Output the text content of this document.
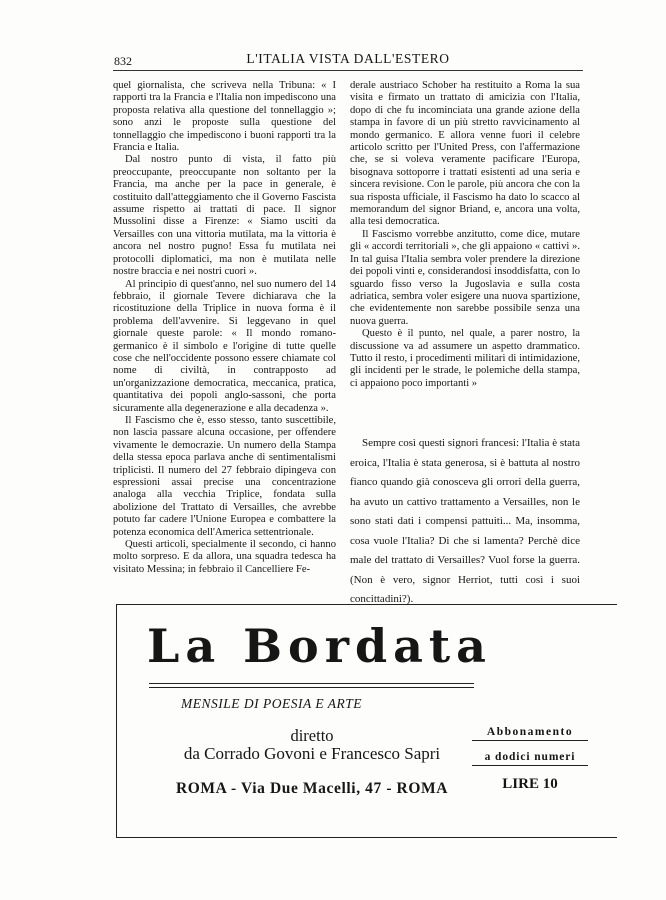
832	L'ITALIA VISTA DALL'ESTERO

quel giornalista, che scriveva nella Tribuna: « I rapporti tra la Francia e l'Italia non impediscono una proposta relativa alla questione del tonnellaggio »; sono anzi le proposte sulla questione del tonnellaggio che impediscono i buoni rapporti tra la Francia e Italia.

Dal nostro punto di vista, il fatto più preoccupante, preoccupante non soltanto per la Francia, ma anche per la pace in generale, è costituito dall'atteggiamento che il Governo Fascista assume rispetto ai trattati di pace. Il signor Mussolini disse a Firenze: « Siamo usciti da Versailles con una vittoria mutilata, ma la vittoria è ancora nel nostro pugno! Essa fu mutilata nei protocolli diplomatici, ma non è mutilata nelle nostre braccia e nei nostri cuori ».

Al principio di quest'anno, nel suo numero del 14 febbraio, il giornale Tevere dichiarava che la ricostituzione della Triplice in nuova forma è il problema dell'avvenire. Si leggevano in quel giornale queste parole: « Il mondo romano-germanico è il simbolo e l'origine di tutte quelle cose che nell'occidente possono essere chiamate col nome di civiltà, in contrapposto ad un'organizzazione democratica, meccanica, pratica, quantitativa dei popoli anglo-sassoni, che porta sicuramente alla degenerazione e alla decadenza ».

Il Fascismo che è, esso stesso, tanto suscettibile, non lascia passare alcuna occasione, per offendere vivamente le democrazie. Un numero della Stampa della stessa epoca parlava anche di sentimentalismi triplicisti. Il numero del 27 febbraio dipingeva con espressioni assai precise una concentrazione analoga alla vecchia Triplice, fondata sulla abolizione del Trattato di Versailles, che avrebbe potuto far cadere l'Unione Europea e combattere la potenza economica dell'America settentrionale.

Questi articoli, specialmente il secondo, ci hanno molto sorpreso. E da allora, una squadra tedesca ha visitato Messina; in febbraio il Cancelliere Fe-

derale austriaco Schober ha restituito a Roma la sua visita e firmato un trattato di amicizia con l'Italia, dopo di che fu incominciata una grande azione della stampa in favore di un più stretto ravvicinamento al mondo germanico. E allora venne fuori il celebre articolo scritto per l'United Press, con l'affermazione che, se si voleva veramente pacificare l'Europa, bisognava sottoporre i trattati esistenti ad una seria e sincera revisione. Con le parole, più ancora che con la sua risposta ufficiale, il Fascismo ha dato lo scacco al memorandum del signor Briand, e, ancora una volta, alla tesi democratica.

Il Fascismo vorrebbe anzitutto, come dice, mutare gli « accordi territoriali », che gli appaiono « cattivi ». In tal guisa l'Italia sembra voler prendere la direzione dei popoli vinti e, considerandosi insoddisfatta, con lo sguardo fisso verso la Jugoslavia e sulla costa adriatica, sembra voler esigere una nuova spartizione, che evidentemente non sarebbe possibile senza una nuova guerra.

Questo è il punto, nel quale, a parer nostro, la discussione va ad assumere un aspetto drammatico. Tutto il resto, i procedimenti militari di intimidazione, gli incidenti per le strade, le polemiche della stampa, ci appaiono poco importanti »

Sempre così questi signori francesi: l'Italia è stata eroica, l'Italia è stata generosa, si è battuta al nostro fianco quando già conosceva gli orrori della guerra, ha avuto un cattivo trattamento a Versailles, non le sono stati dati i compensi pattuiti... Ma, insomma, cosa vuole l'Italia? Di che si lamenta? Perchè dice male del trattato di Versailles? Vuol forse la guerra. (Non è vero, signor Herriot, tutti così i suoi concittadini?).

La Bordata
MENSILE DI POESIA E ARTE
diretto
da Corrado Govoni e Francesco Sapri
ROMA - Via Due Macelli, 47 - ROMA
Abbonamento
a dodici numeri
LIRE 10
